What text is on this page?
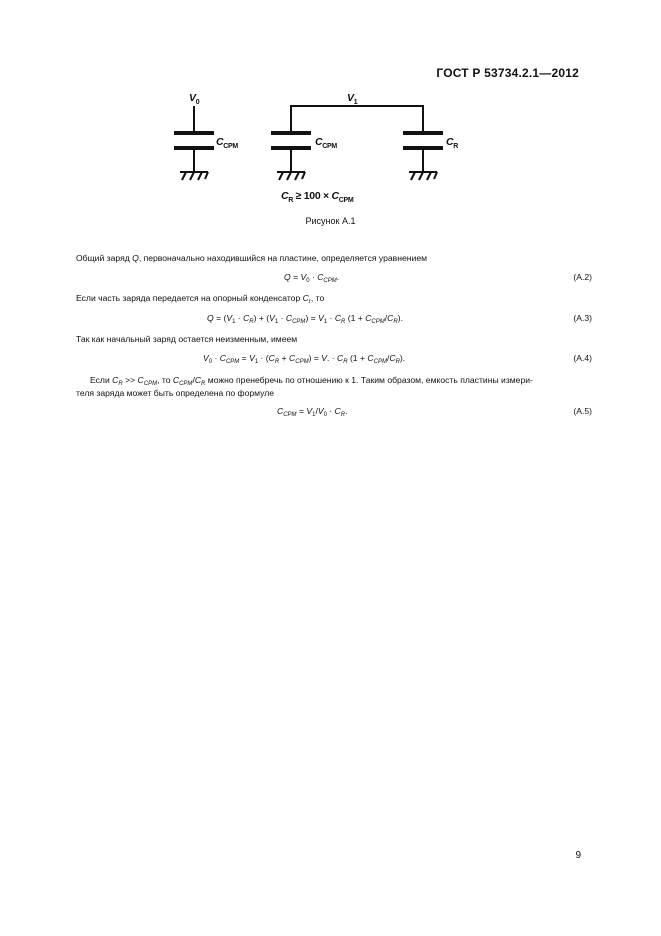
ГОСТ Р 53734.2.1—2012
$V_0$	$V_1$
$C_{CPM}$	$C_{CPM}$	$C_R$
$C_R \ge 100 \times C_{CPM}$
Рисунок А.1
Общий заряд Q, первоначально находившийся на пластине, определяется уравнением
$Q = V_0 \cdot C_{CPM}$.	(A.2)
Если часть заряда передается на опорный конденсатор $C_r$, то
$Q = (V_1 \cdot C_R) + (V_1 \cdot C_{CPM}) = V_1 \cdot C_R$ $(1 + C_{CPM}/C_R)$.	(A.3)
Так как начальный заряд остается неизменным, имеем
$V_0 \cdot C_{CPM} = V_1 \cdot (C_R + C_{CPM}) = V$. · $C_R$ $(1 + C_{CPM}/C_R)$.	(A.4)
Если $C_R >> C_{CPM}$, то $C_{CPM}/C_R$ можно пренебречь по отношению к 1. Таким образом, емкость пластины измери-
теля заряда может быть определена по формуле
$C_{CPM} = V_1/V_0 \cdot C_R$.	(A.5)
9
